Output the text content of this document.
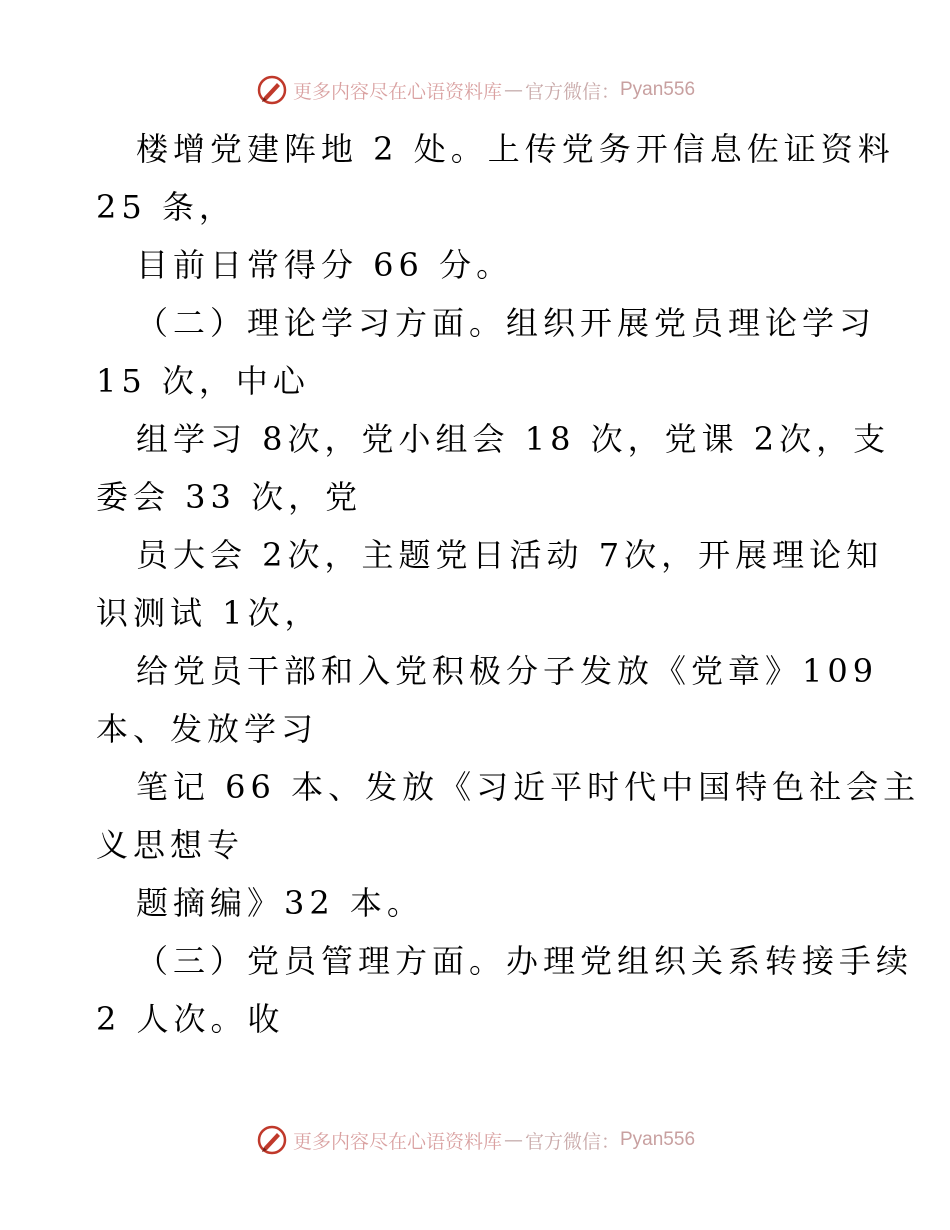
更多内容尽在心语资料库 — 官方微信： Pyan556
楼增党建阵地 2 处。上传党务开信息佐证资料
25 条，
目前日常得分 66 分。
（二）理论学习方面。组织开展党员理论学习
15 次，中心
组学习 8次，党小组会 18 次，党课 2次，支
委会 33 次，党
员大会 2次，主题党日活动 7次，开展理论知
识测试 1次，
给党员干部和入党积极分子发放《党章》109
本、发放学习
笔记 66 本、发放《习近平时代中国特色社会主
义思想专
题摘编》32 本。
（三）党员管理方面。办理党组织关系转接手续
2 人次。收
更多内容尽在心语资料库 — 官方微信： Pyan556
